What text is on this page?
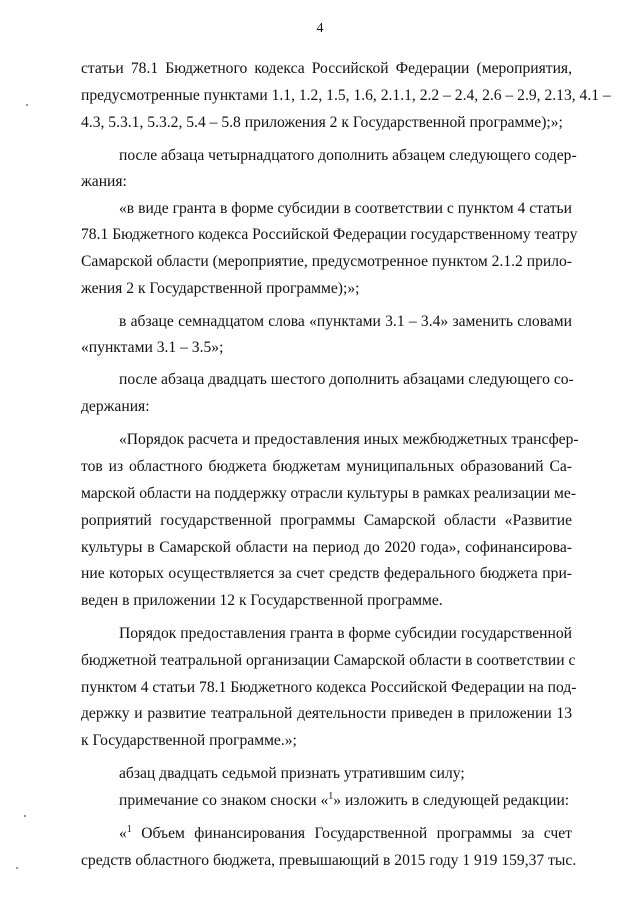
4
статьи 78.1 Бюджетного кодекса Российской Федерации (мероприятия,
предусмотренные пунктами 1.1, 1.2, 1.5, 1.6, 2.1.1, 2.2 – 2.4, 2.6 – 2.9, 2.13, 4.1 –
4.3, 5.3.1, 5.3.2, 5.4 – 5.8 приложения 2 к Государственной программе);»;
после абзаца четырнадцатого дополнить абзацем следующего содер-
жания:
«в виде гранта в форме субсидии в соответствии с пунктом 4 статьи
78.1 Бюджетного кодекса Российской Федерации государственному театру
Самарской области (мероприятие, предусмотренное пунктом 2.1.2 прило-
жения 2 к Государственной программе);»;
в абзаце семнадцатом слова «пунктами 3.1 – 3.4» заменить словами
«пунктами 3.1 – 3.5»;
после абзаца двадцать шестого дополнить абзацами следующего со-
держания:
«Порядок расчета и предоставления иных межбюджетных трансфер-
тов из областного бюджета бюджетам муниципальных образований Са-
марской области на поддержку отрасли культуры в рамках реализации ме-
роприятий государственной программы Самарской области «Развитие
культуры в Самарской области на период до 2020 года», софинансирова-
ние которых осуществляется за счет средств федерального бюджета при-
веден в приложении 12 к Государственной программе.
Порядок предоставления гранта в форме субсидии государственной
бюджетной театральной организации Самарской области в соответствии с
пунктом 4 статьи 78.1 Бюджетного кодекса Российской Федерации на под-
держку и развитие театральной деятельности приведен в приложении 13
к Государственной программе.»;
абзац двадцать седьмой признать утратившим силу;
примечание со знаком сноски «$^1$» изложить в следующей редакции:
«$^1$ Объем финансирования Государственной программы за счет
средств областного бюджета, превышающий в 2015 году 1 919 159,37 тыс.
